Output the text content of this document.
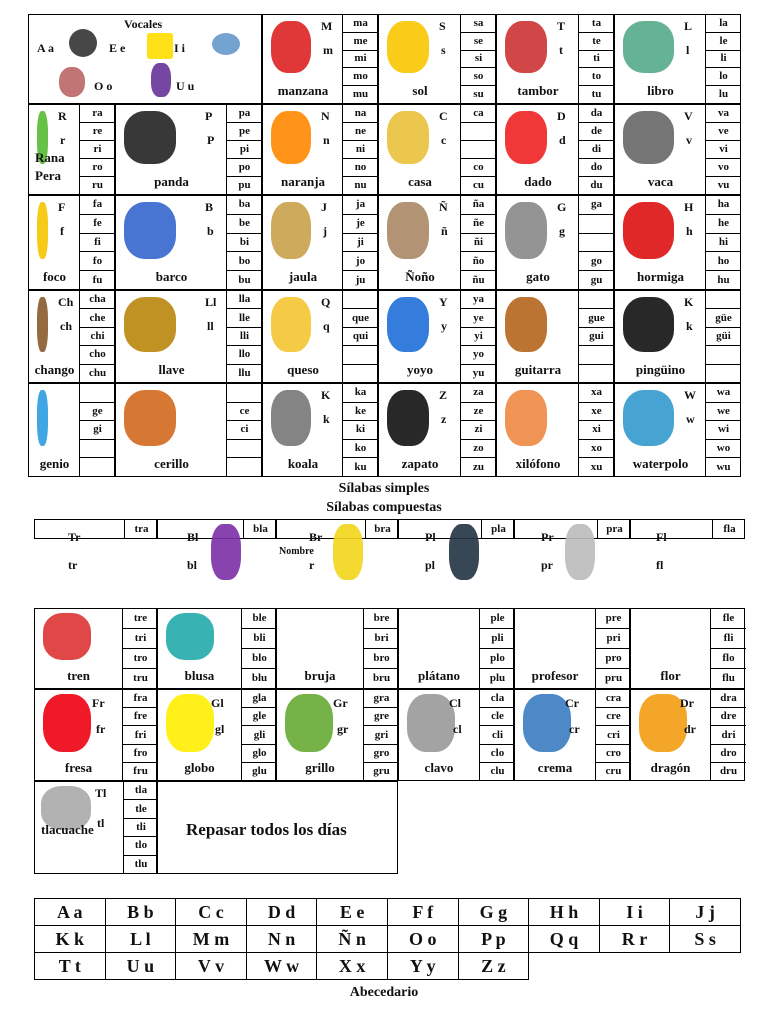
Vocales
A a	E e	I i
O o	U u
ma
me
mi
mo
mu
M
m
manzana
sa
se
si
so
su
S
s
sol
ta
te
ti
to
tu
T
t
tambor
la
le
li
lo
lu
L
l
libro
ra
re
ri
ro
ru
R
r
Rana
Pera
pa
pe
pi
po
pu
P
P
panda
na
ne
ni
no
nu
N
n
naranja
ca
co
cu
C
c
casa
da
de
di
do
du
D
d
dado
va
ve
vi
vo
vu
V
v
vaca
fa
fe
fi
fo
fu
F
f
foco
ba
be
bi
bo
bu
B
b
barco
ja
je
ji
jo
ju
J
j
jaula
ña
ñe
ñi
ño
ñu
Ñ
ñ
Ñoño
ga
go
gu
G
g
gato
ha
he
hi
ho
hu
H
h
hormiga
cha
che
chi
cho
chu
Ch
ch
chango
lla
lle
lli
llo
llu
Ll
ll
llave
que
qui
Q
q
queso
ya
ye
yi
yo
yu
Y
y
yoyo
gue
gui
guitarra
güe
güi
K
k
pingüino
ge
gi
genio
ce
ci
cerillo
ka
ke
ki
ko
ku
K
k
koala
za
ze
zi
zo
zu
Z
z
zapato
xa
xe
xi
xo
xu
xilófono
wa
we
wi
wo
wu
W
w
waterpolo
Sílabas simples
Sílabas compuestas
tra
Tr
tr
bla
Bl
bl
bra
Br
r
Nombre
pla
Pl
pl
pra
Pr
pr
fla
Fl
fl
tre
tri
tro
tru
tren
ble
bli
blo
blu
blusa
bre
bri
bro
bru
bruja
ple
pli
plo
plu
plátano
pre
pri
pro
pru
profesor
fle
fli
flo
flu
flor
fra
fre
fri
fro
fru
Fr
fr
fresa
gla
gle
gli
glo
glu
Gl
gl
globo
gra
gre
gri
gro
gru
Gr
gr
grillo
cla
cle
cli
clo
clu
Cl
cl
clavo
cra
cre
cri
cro
cru
Cr
cr
crema
dra
dre
dri
dro
dru
Dr
dr
dragón
tla
tle
tli
tlo
tlu
Tl
tl
tlacuache	Repasar todos los días
A a	B b	C c	D d	E e	F f	G g	H h	I i	J j
K k	L l	M m	N n	Ñ n	O o	P p	Q q	R r	S s
T t	U u	V v	W w	X x	Y y	Z z			
Abecedario
